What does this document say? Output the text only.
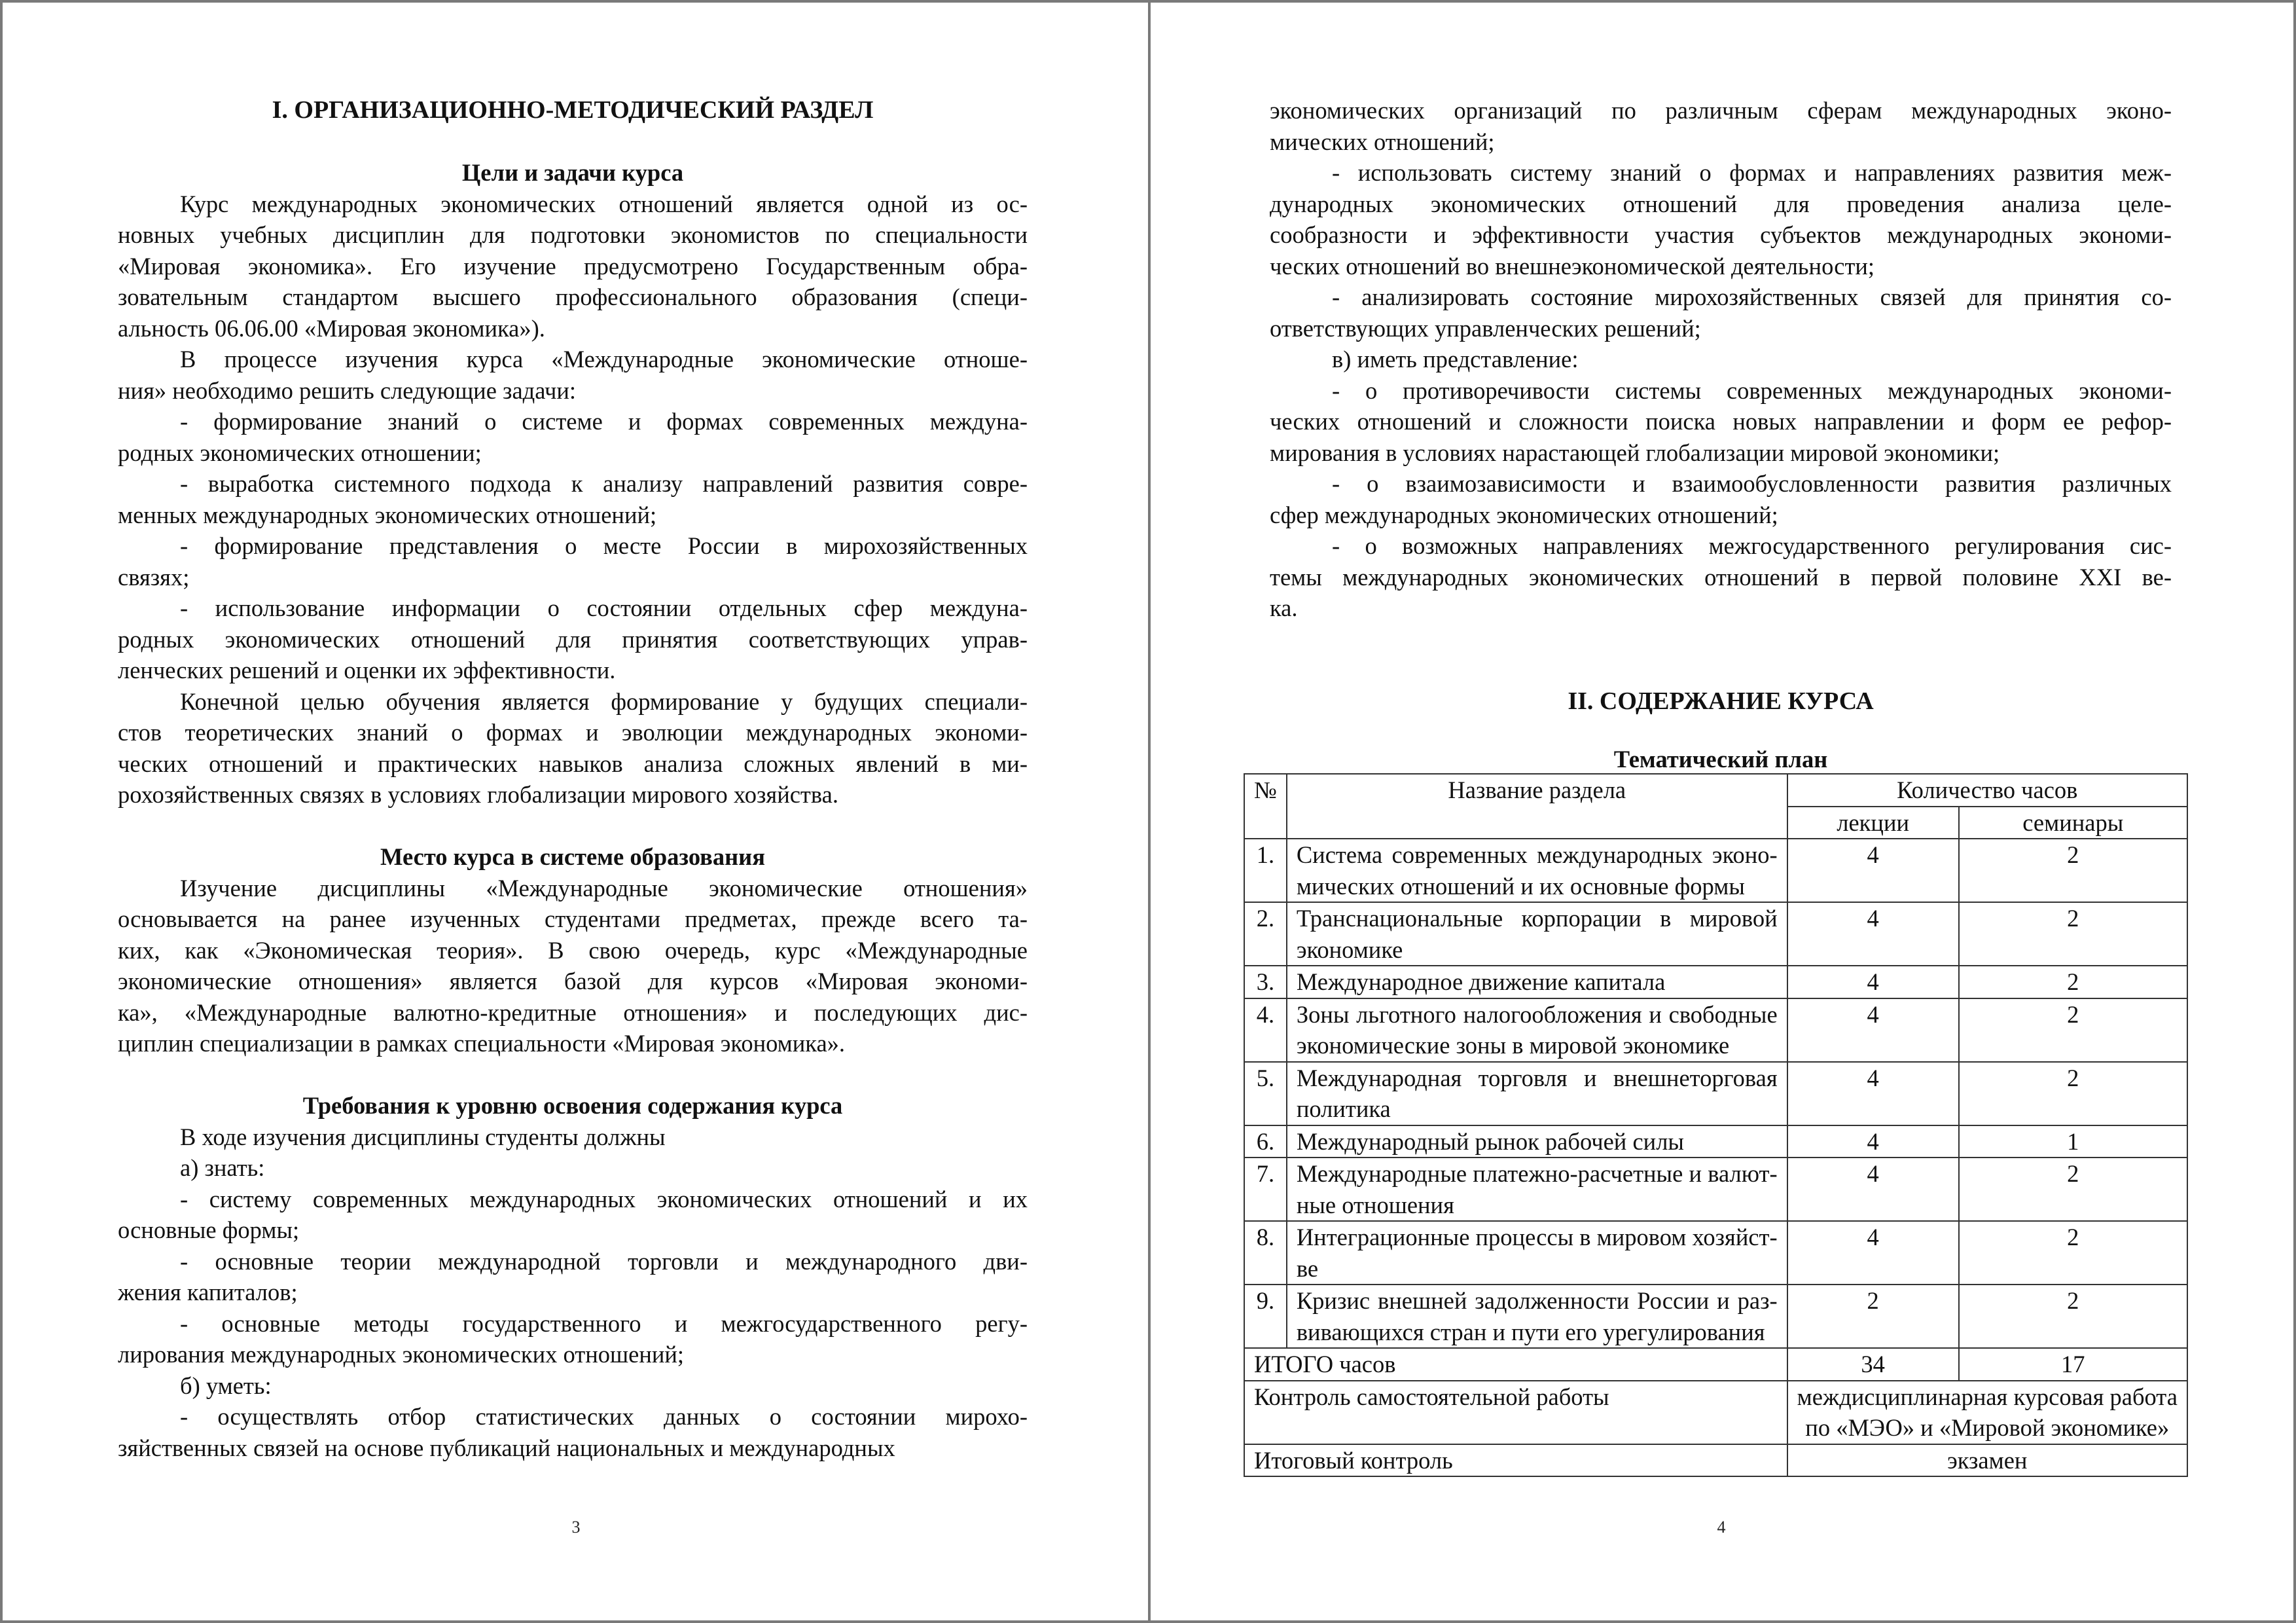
I. ОРГАНИЗАЦИОННО-МЕТОДИЧЕСКИЙ РАЗДЕЛ
Цели и задачи курса
Курс международных экономических отношений является одной из ос-
новных учебных дисциплин для подготовки экономистов по специальности
«Мировая экономика». Его изучение предусмотрено Государственным обра-
зовательным стандартом высшего профессионального образования (специ-
альность 06.06.00 «Мировая экономика»).
В процессе изучения курса «Международные экономические отноше-
ния» необходимо решить следующие задачи:
- формирование знаний о системе и формах современных междуна-
родных экономических отношении;
- выработка системного подхода к анализу направлений развития совре-
менных международных экономических отношений;
- формирование представления о месте России в мирохозяйственных
связях;
- использование информации о состоянии отдельных сфер междуна-
родных экономических отношений для принятия соответствующих управ-
ленческих решений и оценки их эффективности.
Конечной целью обучения является формирование у будущих специали-
стов теоретических знаний о формах и эволюции международных экономи-
ческих отношений и практических навыков анализа сложных явлений в ми-
рохозяйственных связях в условиях глобализации мирового хозяйства.
Место курса в системе образования
Изучение дисциплины «Международные экономические отношения»
основывается на ранее изученных студентами предметах, прежде всего та-
ких, как «Экономическая теория». В свою очередь, курс «Международные
экономические отношения» является базой для курсов «Мировая экономи-
ка», «Международные валютно-кредитные отношения» и последующих дис-
циплин специализации в рамках специальности «Мировая экономика».
Требования к уровню освоения содержания курса
В ходе изучения дисциплины студенты должны
а) знать:
- систему современных международных экономических отношений и их
основные формы;
- основные теории международной торговли и международного дви-
жения капиталов;
- основные методы государственного и межгосударственного регу-
лирования международных экономических отношений;
б) уметь:
- осуществлять отбор статистических данных о состоянии мирохо-
зяйственных связей на основе публикаций национальных и международных
3
экономических организаций по различным сферам международных эконо-
мических отношений;
- использовать систему знаний о формах и направлениях развития меж-
дународных экономических отношений для проведения анализа целе-
сообразности и эффективности участия субъектов международных экономи-
ческих отношений во внешнеэкономической деятельности;
- анализировать состояние мирохозяйственных связей для принятия со-
ответствующих управленческих решений;
в) иметь представление:
- о противоречивости системы современных международных экономи-
ческих отношений и сложности поиска новых направлении и форм ее рефор-
мирования в условиях нарастающей глобализации мировой экономики;
- о взаимозависимости и взаимообусловленности развития различных
сфер международных экономических отношений;
- о возможных направлениях межгосударственного регулирования сис-
темы международных экономических отношений в первой половине XXI ве-
ка.
II. СОДЕРЖАНИЕ КУРСА
Тематический план
№	Название раздела	Количество часов	
		лекции	семинары
1.	Система современных международных эконо-
мических отношений и их основные формы	4	2
2.	Транснациональные корпорации в мировой
экономике	4	2
3.	Международное движение капитала	4	2
4.	Зоны льготного налогообложения и свободные
экономические зоны в мировой экономике	4	2
5.	Международная торговля и внешнеторговая
политика	4	2
6.	Международный рынок рабочей силы	4	1
7.	Международные платежно-расчетные и валют-
ные отношения	4	2
8.	Интеграционные процессы в мировом хозяйст-
ве	4	2
9.	Кризис внешней задолженности России и раз-
вивающихся стран и пути его урегулирования	2	2
ИТОГО часов		34	17
Контроль самостоятельной работы		междисциплинарная курсовая работа
по «МЭО» и «Мировой экономике»	

Итоговый контроль		экзамен	
4
